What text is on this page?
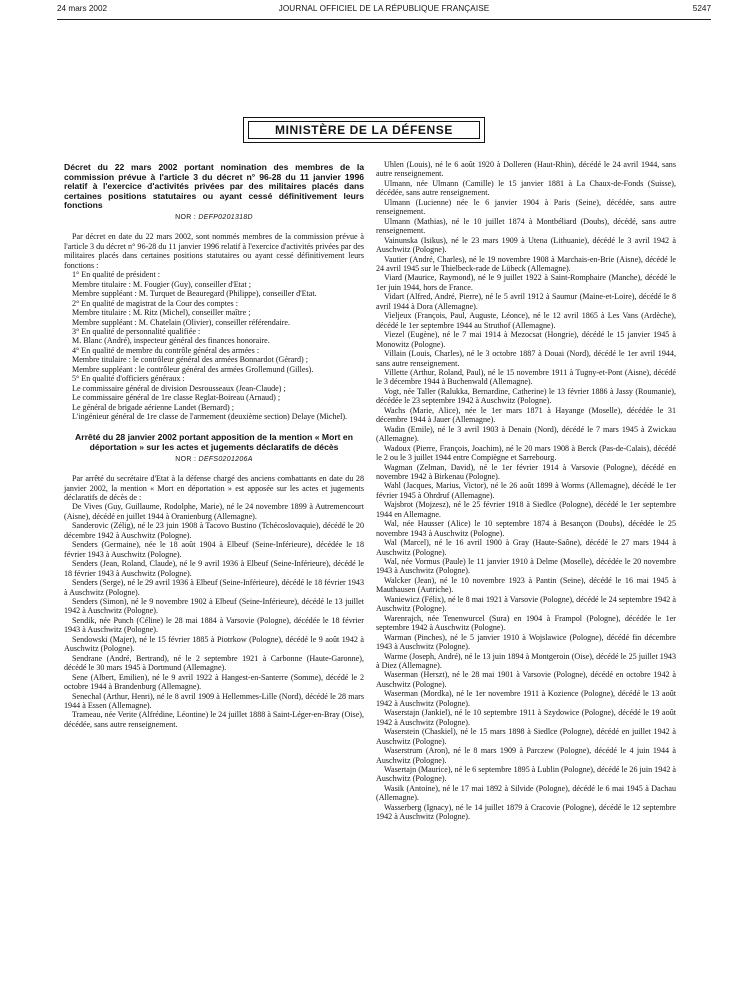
24 mars 2002	JOURNAL OFFICIEL DE LA RÉPUBLIQUE FRANÇAISE	5247
MINISTÈRE DE LA DÉFENSE
Décret du 22 mars 2002 portant nomination des membres de la commission prévue à l'article 3 du décret n° 96-28 du 11 janvier 1996 relatif à l'exercice d'activités privées par des militaires placés dans certaines positions statutaires ou ayant cessé définitivement leurs fonctions
NOR : DEFP0201318D

Par décret en date du 22 mars 2002, sont nommés membres de la commission prévue à l'article 3 du décret n° 96-28 du 11 janvier 1996 relatif à l'exercice d'activités privées par des militaires placés dans certaines positions statutaires ou ayant cessé définitivement leurs fonctions :

1° En qualité de président :

Membre titulaire : M. Fougier (Guy), conseiller d'Etat ;

Membre suppléant : M. Turquet de Beauregard (Philippe), conseiller d'Etat.

2° En qualité de magistrat de la Cour des comptes :

Membre titulaire : M. Ritz (Michel), conseiller maître ;

Membre suppléant : M. Chatelain (Olivier), conseiller référendaire.

3° En qualité de personnalité qualifiée :

M. Blanc (André), inspecteur général des finances honoraire.

4° En qualité de membre du contrôle général des armées :

Membre titulaire : le contrôleur général des armées Bonnardot (Gérard) ;

Membre suppléant : le contrôleur général des armées Grollemund (Gilles).

5° En qualité d'officiers généraux :

Le commissaire général de division Desrousseaux (Jean-Claude) ;

Le commissaire général de 1re classe Reglat-Boireau (Arnaud) ;

Le général de brigade aérienne Landet (Bernard) ;

L'ingénieur général de 1re classe de l'armement (deuxième section) Delaye (Michel).

Arrêté du 28 janvier 2002 portant apposition de la mention « Mort en déportation » sur les actes et jugements déclaratifs de décès
NOR : DEFS0201206A

Par arrêté du secrétaire d'Etat à la défense chargé des anciens combattants en date du 28 janvier 2002, la mention « Mort en déportation » est apposée sur les actes et jugements déclaratifs de décès de :

De Vives (Guy, Guillaume, Rodolphe, Marie), né le 24 novembre 1899 à Autremencourt (Aisne), décédé en juillet 1944 à Oranienburg (Allemagne).

Sanderovic (Zélig), né le 23 juin 1908 à Tacovo Bustino (Tchécoslovaquie), décédé le 20 décembre 1942 à Auschwitz (Pologne).

Senders (Germaine), née le 18 août 1904 à Elbeuf (Seine-Inférieure), décédée le 18 février 1943 à Auschwitz (Pologne).

Senders (Jean, Roland, Claude), né le 9 avril 1936 à Elbeuf (Seine-Inférieure), décédé le 18 février 1943 à Auschwitz (Pologne).

Senders (Serge), né le 29 avril 1936 à Elbeuf (Seine-Inférieure), décédé le 18 février 1943 à Auschwitz (Pologne).

Senders (Simon), né le 9 novembre 1902 à Elbeuf (Seine-Inférieure), décédé le 13 juillet 1942 à Auschwitz (Pologne).

Sendik, née Punch (Céline) le 28 mai 1884 à Varsovie (Pologne), décédée le 18 février 1943 à Auschwitz (Pologne).

Sendowski (Majer), né le 15 février 1885 à Piotrkow (Pologne), décédé le 9 août 1942 à Auschwitz (Pologne).

Sendrane (André, Bertrand), né le 2 septembre 1921 à Carbonne (Haute-Garonne), décédé le 30 mars 1945 à Dortmund (Allemagne).

Sene (Albert, Emilien), né le 9 avril 1922 à Hangest-en-Santerre (Somme), décédé le 2 octobre 1944 à Brandenburg (Allemagne).

Senechal (Arthur, Henri), né le 8 avril 1909 à Hellemmes-Lille (Nord), décédé le 28 mars 1944 à Essen (Allemagne).

Trameau, née Verite (Alfrédine, Léontine) le 24 juillet 1888 à Saint-Léger-en-Bray (Oise), décédée, sans autre renseignement.

Uhlen (Louis), né le 6 août 1920 à Dolleren (Haut-Rhin), décédé le 24 avril 1944, sans autre renseignement.

Ulmann, née Ulmann (Camille) le 15 janvier 1881 à La Chaux-de-Fonds (Suisse), décédée, sans autre renseignement.

Ulmann (Lucienne) née le 6 janvier 1904 à Paris (Seine), décédée, sans autre renseignement.

Ulmann (Mathias), né le 10 juillet 1874 à Montbéliard (Doubs), décédé, sans autre renseignement.

Vainunska (Isikus), né le 23 mars 1909 à Utena (Lithuanie), décédé le 3 avril 1942 à Auschwitz (Pologne).

Vautier (André, Charles), né le 19 novembre 1908 à Marchais-en-Brie (Aisne), décédé le 24 avril 1945 sur le Thielbeck-rade de Lübeck (Allemagne).

Viard (Maurice, Raymond), né le 9 juillet 1922 à Saint-Romphaire (Manche), décédé le 1er juin 1944, hors de France.

Vidart (Alfred, André, Pierre), né le 5 avril 1912 à Saumur (Maine-et-Loire), décédé le 8 avril 1944 à Dora (Allemagne).

Vieljeux (François, Paul, Auguste, Léonce), né le 12 avril 1865 à Les Vans (Ardèche), décédé le 1er septembre 1944 au Struthof (Allemagne).

Viezel (Eugène), né le 7 mai 1914 à Mezocsat (Hongrie), décédé le 15 janvier 1945 à Monowitz (Pologne).

Villain (Louis, Charles), né le 3 octobre 1887 à Douai (Nord), décédé le 1er avril 1944, sans autre renseignement.

Villette (Arthur, Roland, Paul), né le 15 novembre 1911 à Tugny-et-Pont (Aisne), décédé le 3 décembre 1944 à Buchenwald (Allemagne).

Vogt, née Taller (Ralukka, Bernardine, Catherine) le 13 février 1886 à Jassy (Roumanie), décédée le 23 septembre 1942 à Auschwitz (Pologne).

Wachs (Marie, Alice), née le 1er mars 1871 à Hayange (Moselle), décédée le 31 décembre 1944 à Jauer (Allemagne).

Wadin (Emile), né le 3 avril 1903 à Denain (Nord), décédé le 7 mars 1945 à Zwickau (Allemagne).

Wadoux (Pierre, François, Joachim), né le 20 mars 1908 à Berck (Pas-de-Calais), décédé le 2 ou le 3 juillet 1944 entre Compiègne et Sarrebourg.

Wagman (Zelman, David), né le 1er février 1914 à Varsovie (Pologne), décédé en novembre 1942 à Birkenau (Pologne).

Wahl (Jacques, Marius, Victor), né le 26 août 1899 à Worms (Allemagne), décédé le 1er février 1945 à Ohrdruf (Allemagne).

Wajsbrot (Mojzesz), né le 25 février 1918 à Siedlce (Pologne), décédé le 1er septembre 1944 en Allemagne.

Wal, née Hausser (Alice) le 10 septembre 1874 à Besançon (Doubs), décédée le 25 novembre 1943 à Auschwitz (Pologne).

Wal (Marcel), né le 16 avril 1900 à Gray (Haute-Saône), décédé le 27 mars 1944 à Auschwitz (Pologne).

Wal, née Vormus (Paule) le 11 janvier 1910 à Delme (Moselle), décédée le 20 novembre 1943 à Auschwitz (Pologne).

Walcker (Jean), né le 10 novembre 1923 à Pantin (Seine), décédé le 16 mai 1945 à Mauthausen (Autriche).

Waniewicz (Félix), né le 8 mai 1921 à Varsovie (Pologne), décédé le 24 septembre 1942 à Auschwitz (Pologne).

Warenrajch, née Tenenwurcel (Sura) en 1904 à Frampol (Pologne), décédée le 1er septembre 1942 à Auschwitz (Pologne).

Warman (Pinches), né le 5 janvier 1910 à Wojslawice (Pologne), décédé fin décembre 1943 à Auschwitz (Pologne).

Warme (Joseph, André), né le 13 juin 1894 à Montgeroin (Oise), décédé le 25 juillet 1943 à Diez (Allemagne).

Waserman (Herszt), né le 28 mai 1901 à Varsovie (Pologne), décédé en octobre 1942 à Auschwitz (Pologne).

Waserman (Mordka), né le 1er novembre 1911 à Kozience (Pologne), décédé le 13 août 1942 à Auschwitz (Pologne).

Waserstajn (Jankiel), né le 10 septembre 1911 à Szydowice (Pologne), décédé le 19 août 1942 à Auschwitz (Pologne).

Waserstein (Chaskiel), né le 15 mars 1898 à Siedlce (Pologne), décédé en juillet 1942 à Auschwitz (Pologne).

Waserstrum (Aron), né le 8 mars 1909 à Parczew (Pologne), décédé le 4 juin 1944 à Auschwitz (Pologne).

Wasertajn (Maurice), né le 6 septembre 1895 à Lublin (Pologne), décédé le 26 juin 1942 à Auschwitz (Pologne).

Wasik (Antoine), né le 17 mai 1892 à Silvide (Pologne), décédé le 6 mai 1945 à Dachau (Allemagne).

Wasserberg (Ignacy), né le 14 juillet 1879 à Cracovie (Pologne), décédé le 12 septembre 1942 à Auschwitz (Pologne).
